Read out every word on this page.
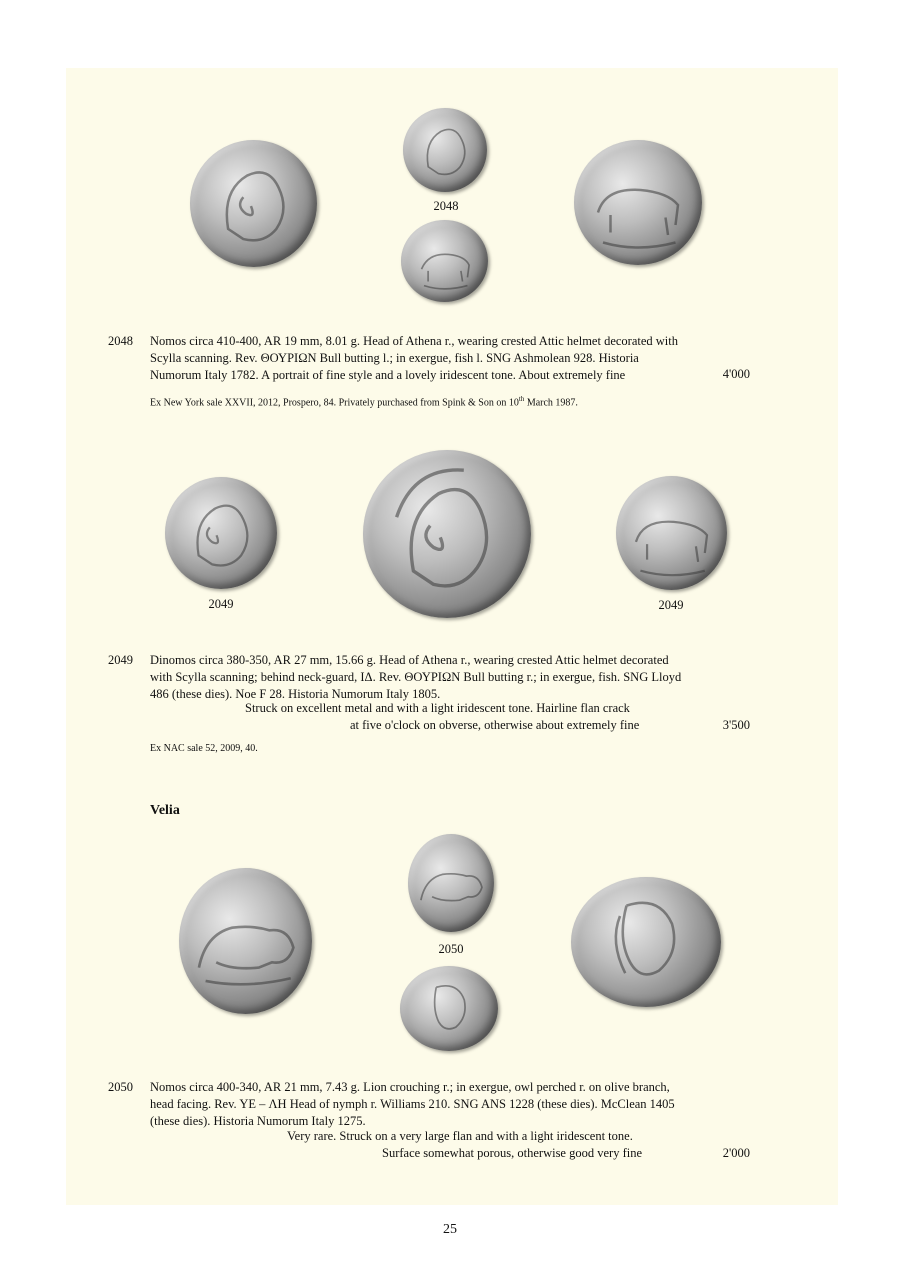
2048
2048 Nomos circa 410-400, AR 19 mm, 8.01 g. Head of Athena r., wearing crested Attic helmet decorated with
Scylla scanning. Rev. ΘΟΥΡΙΩΝ Bull butting l.; in exergue, fish l. SNG Ashmolean 928. Historia
Numorum Italy 1782. A portrait of fine style and a lovely iridescent tone. About extremely fine	4'000
Ex New York sale XXVII, 2012, Prospero, 84. Privately purchased from Spink & Son on 10th March 1987.
2049	2049
2049 Dinomos circa 380-350, AR 27 mm, 15.66 g. Head of Athena r., wearing crested Attic helmet decorated
with Scylla scanning; behind neck-guard, IΔ. Rev. ΘΟΥΡΙΩΝ Bull butting r.; in exergue, fish. SNG Lloyd
486 (these dies). Noe F 28. Historia Numorum Italy 1805.
Struck on excellent metal and with a light iridescent tone. Hairline flan crack
at five o'clock on obverse, otherwise about extremely fine	3'500
Ex NAC sale 52, 2009, 40.
Velia
2050
2050 Nomos circa 400-340, AR 21 mm, 7.43 g. Lion crouching r.; in exergue, owl perched r. on olive branch,
head facing. Rev. YE – ΛH Head of nymph r. Williams 210. SNG ANS 1228 (these dies). McClean 1405
(these dies). Historia Numorum Italy 1275.
Very rare. Struck on a very large flan and with a light iridescent tone.
Surface somewhat porous, otherwise good very fine	2'000
25
